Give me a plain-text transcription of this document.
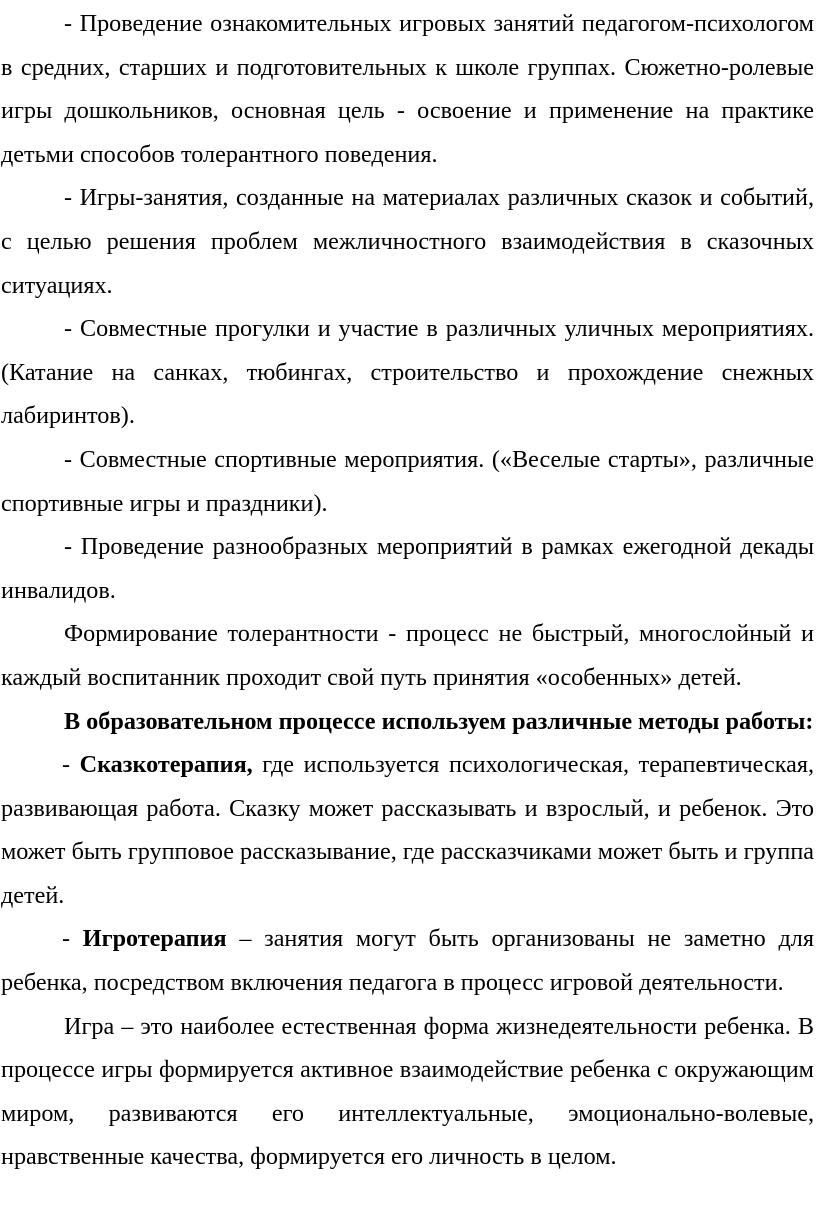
- Проведение ознакомительных игровых занятий педагогом-психологом в средних, старших и подготовительных к школе группах. Сюжетно-ролевые игры дошкольников, основная цель - освоение и применение на практике детьми способов толерантного поведения.

- Игры-занятия, созданные на материалах различных сказок и событий, с целью решения проблем межличностного взаимодействия в сказочных ситуациях.

- Совместные прогулки и участие в различных уличных мероприятиях. (Катание на санках, тюбингах, строительство и прохождение снежных лабиринтов).

- Совместные спортивные мероприятия. («Веселые старты», различные спортивные игры и праздники).

- Проведение разнообразных мероприятий в рамках ежегодной декады инвалидов.

Формирование толерантности - процесс не быстрый, многослойный и каждый воспитанник проходит свой путь принятия «особенных» детей.

В образовательном процессе используем различные методы работы:

- Сказкотерапия, где используется психологическая, терапевтическая, развивающая работа. Сказку может рассказывать и взрослый, и ребенок. Это может быть групповое рассказывание, где рассказчиками может быть и группа детей.

- Игротерапия – занятия могут быть организованы не заметно для ребенка, посредством включения педагога в процесс игровой деятельности.

Игра – это наиболее естественная форма жизнедеятельности ребенка. В процессе игры формируется активное взаимодействие ребенка с окружающим миром, развиваются его интеллектуальные, эмоционально-волевые, нравственные качества, формируется его личность в целом.
